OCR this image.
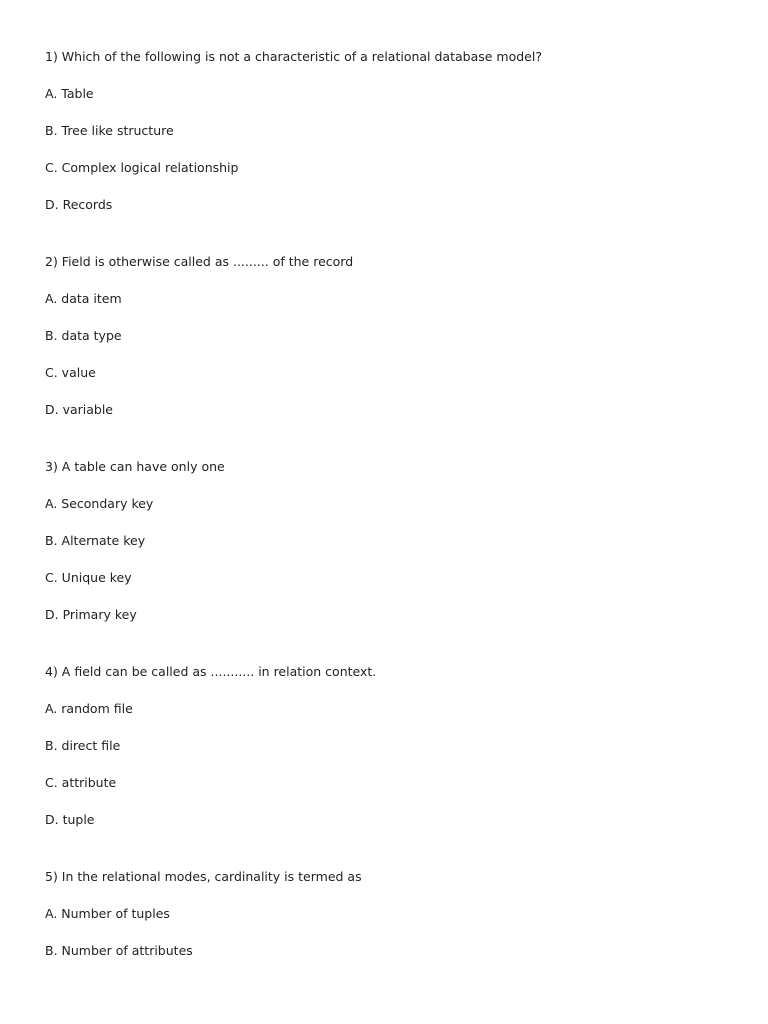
1) Which of the following is not a characteristic of a relational database model?
A. Table
B. Tree like structure
C. Complex logical relationship
D. Records
2) Field is otherwise called as ......... of the record
A. data item
B. data type
C. value
D. variable
3) A table can have only one
A. Secondary key
B. Alternate key
C. Unique key
D. Primary key
4) A field can be called as ........... in relation context.
A. random file
B. direct file
C. attribute
D. tuple
5) In the relational modes, cardinality is termed as
A. Number of tuples
B. Number of attributes
